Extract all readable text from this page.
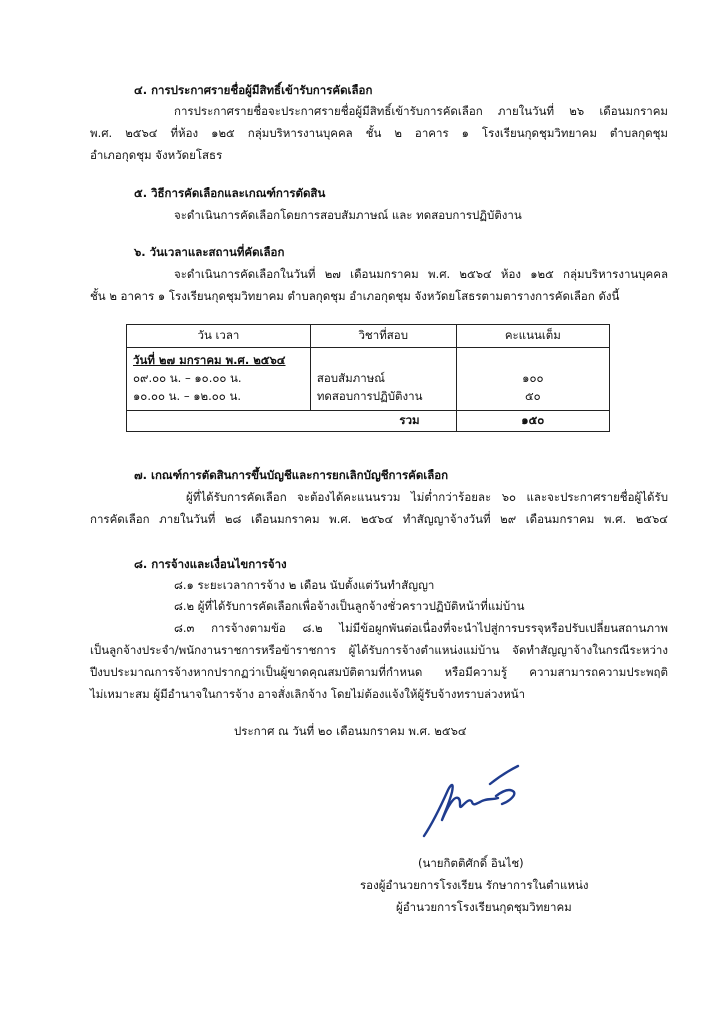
๔. การประกาศรายชื่อผู้มีสิทธิ์เข้ารับการคัดเลือก
การประกาศรายชื่อจะประกาศรายชื่อผู้มีสิทธิ์เข้ารับการคัดเลือก ภายในวันที่ ๒๖ เดือนมกราคม
พ.ศ. ๒๕๖๔ ที่ห้อง ๑๒๕ กลุ่มบริหารงานบุคคล ชั้น ๒ อาคาร ๑ โรงเรียนกุดชุมวิทยาคม ตำบลกุดชุม
อำเภอกุดชุม จังหวัดยโสธร
๕. วิธีการคัดเลือกและเกณฑ์การตัดสิน
จะดำเนินการคัดเลือกโดยการสอบสัมภาษณ์ และ ทดสอบการปฏิบัติงาน
๖. วันเวลาและสถานที่คัดเลือก
จะดำเนินการคัดเลือกในวันที่ ๒๗ เดือนมกราคม พ.ศ. ๒๕๖๔ ห้อง ๑๒๕ กลุ่มบริหารงานบุคคล
ชั้น ๒ อาคาร ๑ โรงเรียนกุดชุมวิทยาคม ตำบลกุดชุม อำเภอกุดชุม จังหวัดยโสธรตามตารางการคัดเลือก ดังนี้
วัน เวลา	วิชาที่สอบ	คะแนนเต็ม
วันที่ ๒๗ มกราคม พ.ศ. ๒๕๖๔		
๐๙.๐๐ น. – ๑๐.๐๐ น.	สอบสัมภาษณ์	๑๐๐
๑๐.๐๐ น. – ๑๒.๐๐ น.	ทดสอบการปฏิบัติงาน	๕๐
รวม		๑๕๐
๗. เกณฑ์การตัดสินการขึ้นบัญชีและการยกเลิกบัญชีการคัดเลือก
ผู้ที่ได้รับการคัดเลือก จะต้องได้คะแนนรวม ไม่ต่ำกว่าร้อยละ ๖๐ และจะประกาศรายชื่อผู้ได้รับ
การคัดเลือก ภายในวันที่ ๒๘ เดือนมกราคม พ.ศ. ๒๕๖๔ ทำสัญญาจ้างวันที่ ๒๙ เดือนมกราคม พ.ศ. ๒๕๖๔
๘. การจ้างและเงื่อนไขการจ้าง
๘.๑ ระยะเวลาการจ้าง ๒ เดือน นับตั้งแต่วันทำสัญญา
๘.๒ ผู้ที่ได้รับการคัดเลือกเพื่อจ้างเป็นลูกจ้างชั่วคราวปฏิบัติหน้าที่แม่บ้าน
๘.๓ การจ้างตามข้อ ๘.๒ ไม่มีข้อผูกพันต่อเนื่องที่จะนำไปสู่การบรรจุหรือปรับเปลี่ยนสถานภาพ
เป็นลูกจ้างประจำ/พนักงานราชการหรือข้าราชการ ผู้ได้รับการจ้างตำแหน่งแม่บ้าน จัดทำสัญญาจ้างในกรณีระหว่าง
ปีงบประมาณการจ้างหากปรากฏว่าเป็นผู้ขาดคุณสมบัติตามที่กำหนด หรือมีความรู้ ความสามารถความประพฤติ
ไม่เหมาะสม ผู้มีอำนาจในการจ้าง อาจสั่งเลิกจ้าง โดยไม่ต้องแจ้งให้ผู้รับจ้างทราบล่วงหน้า
ประกาศ ณ วันที่ ๒๐ เดือนมกราคม พ.ศ. ๒๕๖๔
(นายกิตติศักดิ์ อินไช)
รองผู้อำนวยการโรงเรียน รักษาการในตำแหน่ง
ผู้อำนวยการโรงเรียนกุดชุมวิทยาคม
